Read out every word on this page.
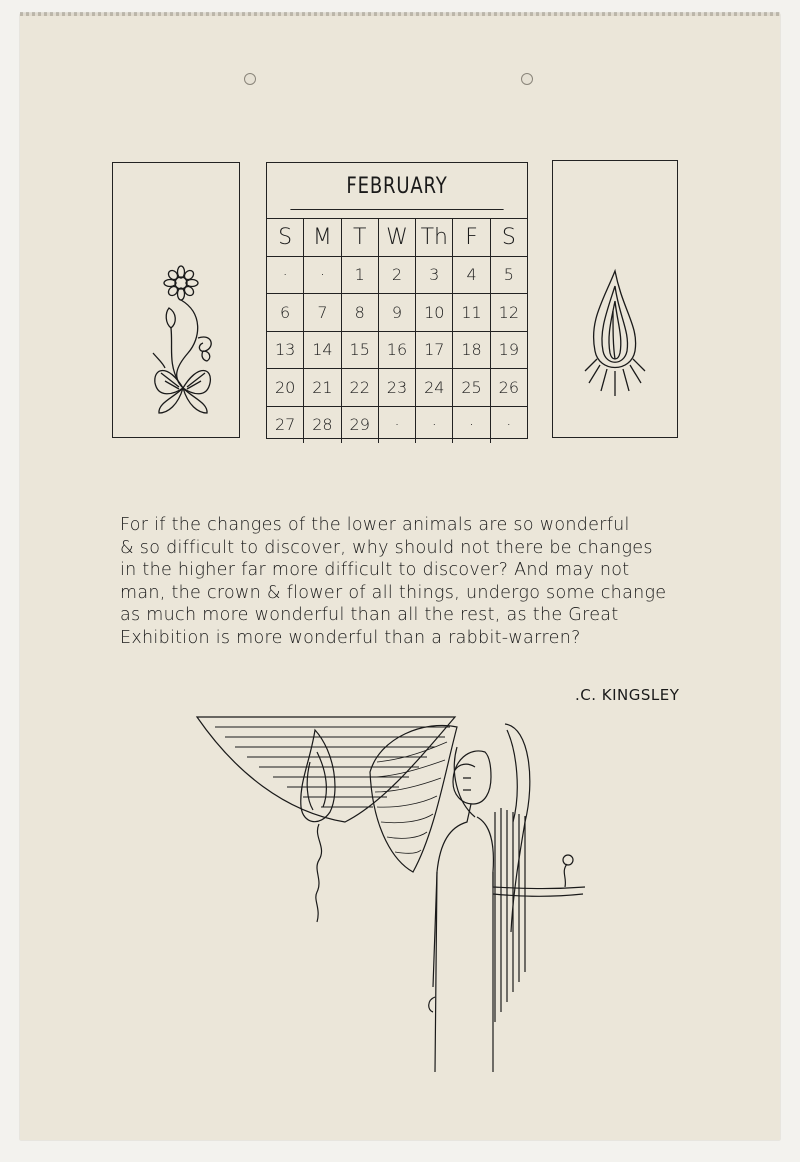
FEBRUARY
S M T W Th F	S
·	·	1	2	3	4	5
6	7	8	9	10	11	12
13	14	15	16	17	18	19
20	21	22	23	24	25	26
27	28	29	·	·	·	·
For if the changes of the lower animals are so wonderful
& so difficult to discover, why should not there be changes
in the higher far more difficult to discover? And may not
man, the crown & flower of all things, undergo some change
as much more wonderful than all the rest, as the Great
Exhibition is more wonderful than a rabbit-warren?
.C. KINGSLEY
